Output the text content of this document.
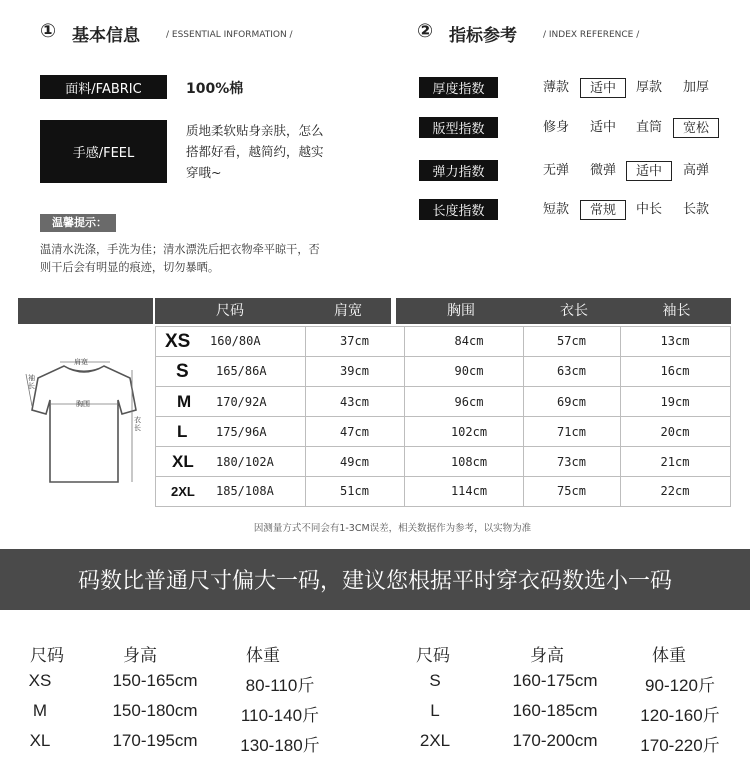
① 基本信息	/ ESSENTIAL INFORMATION /	② 指标参考	/ INDEX REFERENCE /
面料/FABRIC	100%棉
手感/FEEL
质地柔软贴身亲肤，怎么
搭都好看，越简约，越实
穿哦~
温馨提示：
温清水洗涤，手洗为佳；清水漂洗后把衣物牵平晾干，否
则干后会有明显的痕迹，切勿暴晒。
厚度指数	薄款	适中	厚款	加厚
版型指数	修身	适中	直筒	宽松
弹力指数	无弹	微弹	适中	高弹
长度指数	短款	常规	中长	长款
尺码	肩宽	胸围	衣长	袖长
XS 160/80A	37cm	84cm	57cm	13cm
S 165/86A	39cm	90cm	63cm	16cm
M 170/92A	43cm	96cm	69cm	19cm
L 175/96A	47cm	102cm	71cm	20cm
XL 180/102A	49cm	108cm	73cm	21cm
2XL 185/108A	51cm	114cm	75cm	22cm
肩宽
胸围
袖长
衣长
因测量方式不同会有1-3CM误差，相关数据作为参考，以实物为准
码数比普通尺寸偏大一码，建议您根据平时穿衣码数选小一码
尺码	身高	体重	尺码	身高	体重
XS	150-165cm	80-110斤
M	150-180cm	110-140斤
XL	170-195cm	130-180斤
S	160-175cm	90-120斤
L	160-185cm	120-160斤
2XL	170-200cm	170-220斤
